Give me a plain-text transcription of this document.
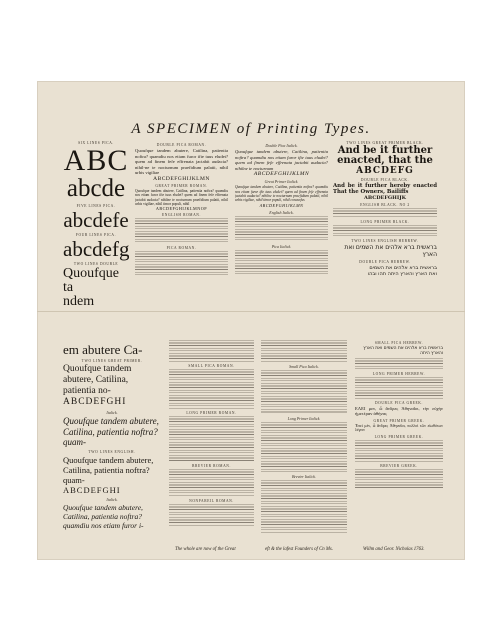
A SPECIMEN of Printing Types.
SIX LINES PICA.
ABC
abcde
FIVE LINES PICA.
abcdefe
FOUR LINES PICA.
abcdefg
TWO LINES DOUBLE
Quoufque ta
ndem
DOUBLE PICA ROMAN.
Quoufque tandem abutere, Catilina, patientia noftra? quamdiu nos etiam furor ifte tuus eludet? quem ad finem fefe effrenata jactabit audacia? nihil-ne te nocturnum praefidium palatii, nihil urbis vigiliae
ABCDEFGHIJKLMN
GREAT PRIMER ROMAN.
Quoufque tandem abutere, Catilina, patientia noftra? quamdiu nos etiam furor ifte tuus eludet? quem ad finem fefe effrenata jactabit audacia? nihilne te nocturnum praefidium palatii, nihil urbis vigiliae, nihil timor populi, nihil
ABCDEFGHIJKLMNOP
ENGLISH ROMAN.
PICA ROMAN.
Double Pica Italick.
Quoufque tandem abutere, Catilina, patientia noftra? quamdiu nos etiam furor ifte tuus eludet? quem ad finem fefe effrenata jactabit audacia? nihilne te nocturnum
ABCDEFGHIJKLMN
Great Primer Italick.
Quoufque tandem abutere, Catilina, patientia noftra? quamdiu nos etiam furor ifte tuus eludet? quem ad finem fefe effrenata jactabit audacia? nihilne te nocturnum praefidium palatii, nihil urbis vigiliae, nihil timor populi, nihil concurfus
ABCDEFGHIJKLMN
English Italick.
Pica Italick.
TWO LINES GREAT PRIMER BLACK.
And be it further enacted, that the
ABCDEFG
DOUBLE PICA BLACK.
And be it further hereby enacted That the Owners, Bailiffs
ABCDEFGHIJK
ENGLISH BLACK. NO 2
LONG PRIMER BLACK.
TWO LINES ENGLISH HEBREW.
בראשית ברא אלהים את השמים ואת הארץ
DOUBLE PICA HEBREW.
בראשית ברא אלהים את השמים
ואת הארץ והארץ היתה תהו ובהו
em abutere Ca-
TWO LINES GREAT PRIMER.
Quoufque tandem abutere, Catilina, patientia no-
ABCDEFGHI
Italick.
Quoufque tandem abutere, Catilina, patientia noftra? quam-
TWO LINES ENGLISH.
Quoufque tandem abutere, Catilina, patientia noftra? quam-
ABCDEFGHI
Italick.
Quoufque tandem abutere, Catilina, patientia noftra? quamdiu nos etiam furor i-
SMALL PICA ROMAN.
LONG PRIMER ROMAN.
BREVIER ROMAN.
NONPAREIL ROMAN.
Small Pica Italick.
Long Primer Italick.
Brevier Italick.
SMALL PICA HEBREW.
בראשית ברא אלהים את השמים ואת הארץ והארץ היתה
LONG PRIMER HEBREW.
DOUBLE PICA GREEK.
ΕΛΕΙ μεν, ὦ ἄνδρες Ἀθηναῖοι, τὴν εὐχὴν ἡμετέραν ἀθήνας
GREAT PRIMER GREEK.
Ἐπεὶ μὲν, ὦ ἄνδρες Ἀθηναῖοι, πολλοὶ τῶν εἰωθότων λέγειν
LONG PRIMER GREEK.
BREVIER GREEK.
The whole are now of the Great	eft & the lafest Founders of Cn Ms.	Willm and Geor. Nicholas 1763.
